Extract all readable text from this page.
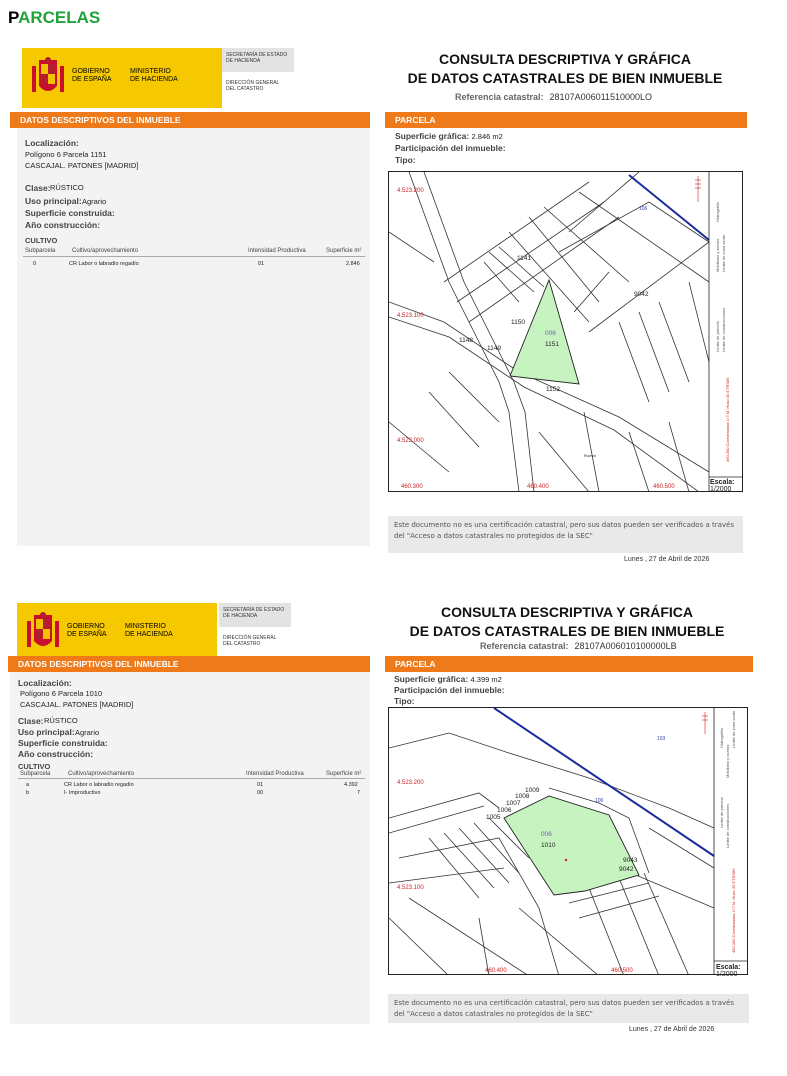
PARCELAS
GOBIERNO
DE ESPAÑA
MINISTERIO
DE HACIENDA
SECRETARÍA DE ESTADO
DE HACIENDA
DIRECCIÓN GENERAL
DEL CATASTRO
CONSULTA DESCRIPTIVA Y GRÁFICA
DE DATOS CATASTRALES DE BIEN INMUEBLE
Referencia catastral: 28107A006011510000LO
DATOS DESCRIPTIVOS DEL INMUEBLE	PARCELA
Localización:
Polígono 6 Parcela 1151
CASCAJAL. PATONES [MADRID]
Clase: RÚSTICO
Uso principal: Agrario
Superficie construida:
Año construcción:
CULTIVO
Subparcela	Cultivo/aprovechamiento	Intensidad Productiva	Superficie m²
0	CR Labor o labradío regadío	01	2.846
Superficie gráfica: 2.846 m2
Participación del inmueble:
Tipo:
1141
1150
1148
1149
1152
9042
1151
Rumor
006
106
4.523.200
4.523.100
4.523.000
460.300	460.400	460.500
Límite de parcela Límite de construcciones
Mobiliario y aceras
Hidrografía
Límite de zona verde
460.300 Coordenadas U.T.M. Huso 30 ETRS89
Escala:
1/2000
Este documento no es una certificación catastral, pero sus datos pueden ser verificados a través del "Acceso a datos catastrales no protegidos de la SEC"
Lunes , 27 de Abril de 2026
GOBIERNO
DE ESPAÑA
MINISTERIO
DE HACIENDA
SECRETARÍA DE ESTADO
DE HACIENDA
DIRECCIÓN GENERAL
DEL CATASTRO
CONSULTA DESCRIPTIVA Y GRÁFICA
DE DATOS CATASTRALES DE BIEN INMUEBLE
Referencia catastral: 28107A006010100000LB
DATOS DESCRIPTIVOS DEL INMUEBLE	PARCELA
Localización:
Polígono 6 Parcela 1010
CASCAJAL. PATONES [MADRID]
Clase: RÚSTICO
Uso principal: Agrario
Superficie construida:
Año construcción:
CULTIVO
Subparcela	Cultivo/aprovechamiento	Intensidad Productiva	Superficie m²
a	CR Labor o labradío regadío	01	4.392
b	I- Improductivo	00	7
Superficie gráfica: 4.399 m2
Participación del inmueble:
Tipo:
1009
1008
1007
1006
1005
1010
9043
9042
006
106
103
4.523.200
4.523.100
460.400	460.500
Límite de parcela Límite de construcciones
Mobiliario y aceras
Hidrografía Límite de zona verde
460.300 Coordenadas U.T.M. Huso 30 ETRS89
Escala:
1/2000
Este documento no es una certificación catastral, pero sus datos pueden ser verificados a través del "Acceso a datos catastrales no protegidos de la SEC"
Lunes , 27 de Abril de 2026
